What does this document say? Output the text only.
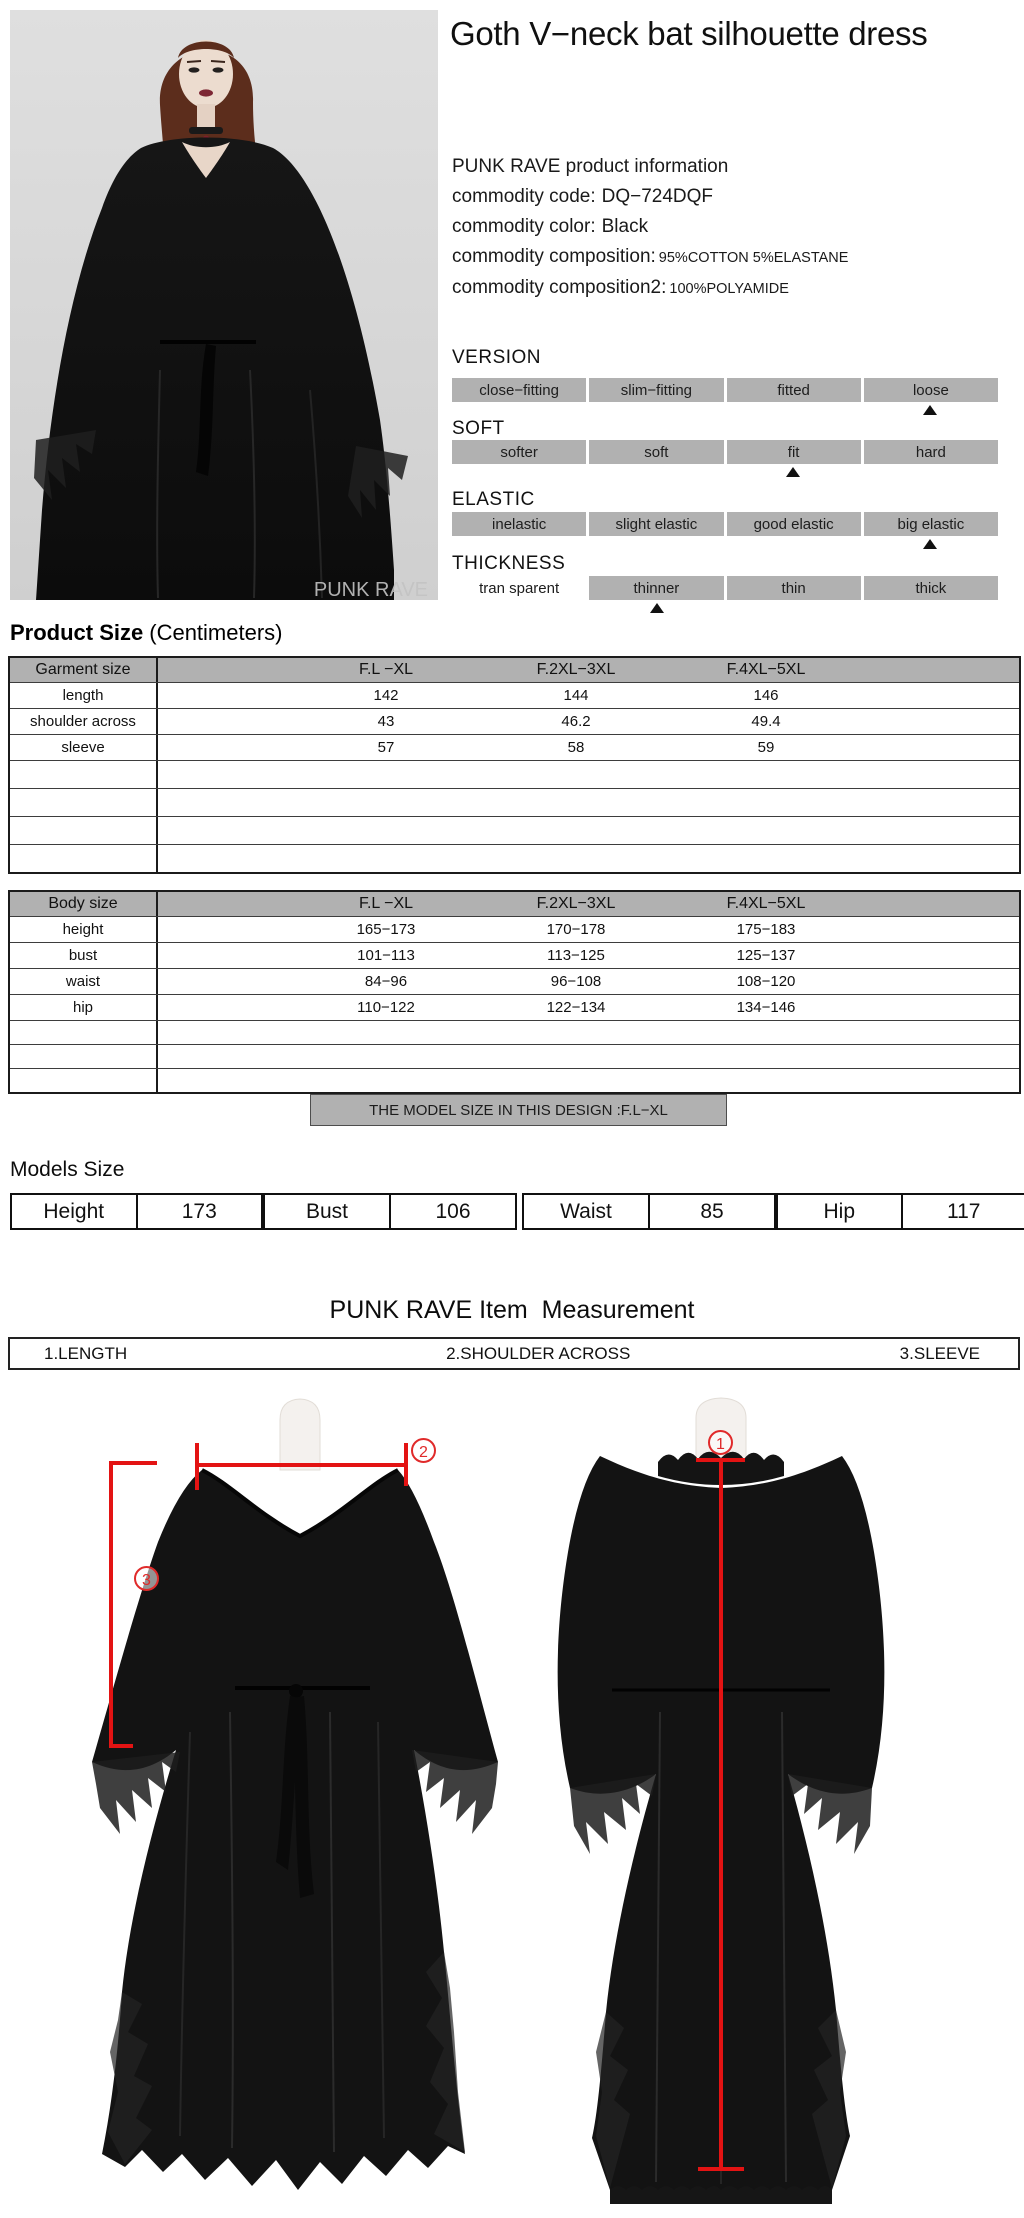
PUNK RAVE
Goth V−neck bat silhouette dress
PUNK RAVE product information
commodity code: DQ−724DQF
commodity color: Black
commodity composition: 95%COTTON 5%ELASTANE
commodity composition2: 100%POLYAMIDE
VERSION
close−fitting	slim−fitting	fitted	loose
SOFT
softer	soft	fit	hard
ELASTIC
inelastic	slight elastic	good elastic	big elastic
THICKNESS
tran sparent	thinner	thin	thick
Product Size (Centimeters)
Garment size	F.L −XL	F.2XL−3XL	F.4XL−5XL
length	142	144	146
shoulder across	43	46.2	49.4
sleeve	57	58	59
Body size	F.L −XL	F.2XL−3XL	F.4XL−5XL
height	165−173	170−178	175−183
bust	101−113	113−125	125−137
waist	84−96	96−108	108−120
hip	110−122	122−134	134−146
THE MODEL SIZE IN THIS DESIGN :F.L−XL
Models Size
Height	173	Bust	106	Waist	85	Hip	117
PUNK RAVE Item  Measurement
1.LENGTH	2.SHOULDER ACROSS	3.SLEEVE
2
3
1
